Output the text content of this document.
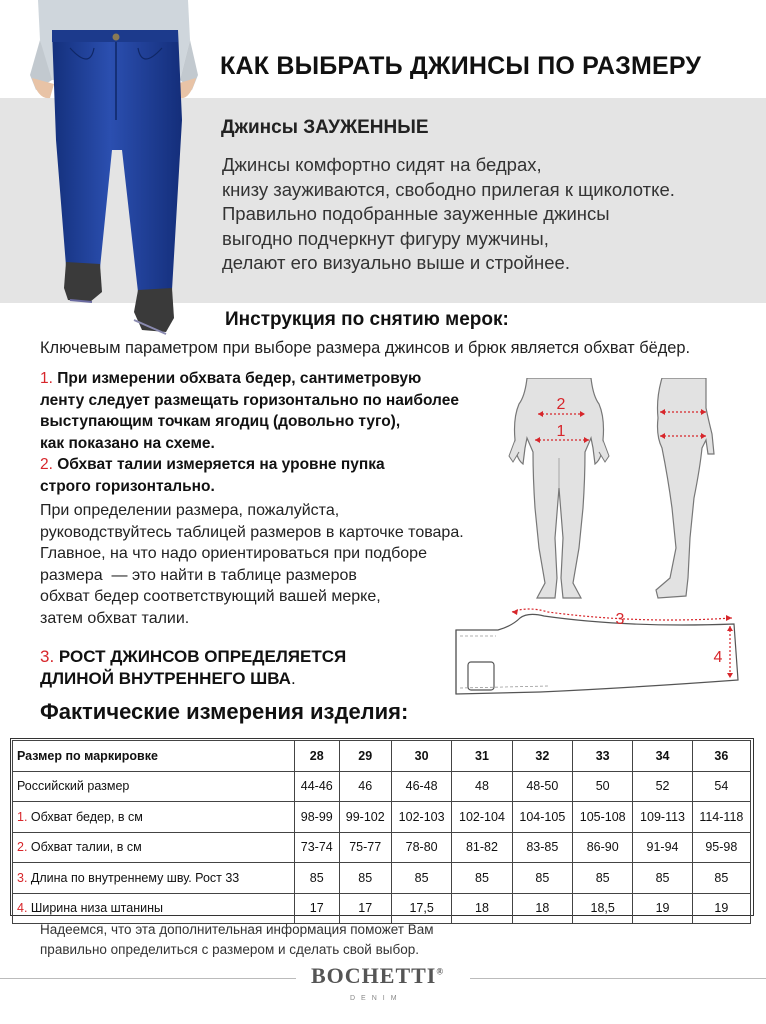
КАК ВЫБРАТЬ ДЖИНСЫ ПО РАЗМЕРУ
Джинсы ЗАУЖЕННЫЕ
Джинсы комфортно сидят на бедрах,
книзу зауживаются, свободно прилегая к щиколотке.
Правильно подобранные зауженные джинсы
выгодно подчеркнут фигуру мужчины,
делают его визуально выше и стройнее.
Инструкция по снятию мерок:
Ключевым параметром при выборе размера джинсов и брюк является обхват бёдер.
1. При измерении обхвата бедер, сантиметровую
ленту следует размещать горизонтально по наиболее
выступающим точкам ягодиц (довольно туго),
как показано на схеме.
2. Обхват талии измеряется на уровне пупка
строго горизонтально.
При определении размера, пожалуйста,
руководствуйтесь таблицей размеров в карточке товара.
Главное, на что надо ориентироваться при подборе
размера  — это найти в таблице размеров
обхват бедер соответствующий вашей мерке,
затем обхват талии.
3. РОСТ ДЖИНСОВ ОПРЕДЕЛЯЕТСЯ
ДЛИНОЙ ВНУТРЕННЕГО ШВА.
2
1
3
4
Фактические измерения изделия:
Размер по маркировке	28	29	30	31	32	33	34	36
Российский размер	44-46	46	46-48	48	48-50	50	52	54
1. Обхват бедер, в см	98-99	99-102	102-103	102-104	104-105	105-108	109-113	114-118
2. Обхват талии, в см	73-74	75-77	78-80	81-82	83-85	86-90	91-94	95-98
3. Длина по внутреннему шву. Рост 33	85	85	85	85	85	85	85	85
4. Ширина низа штанины	17	17	17,5	18	18	18,5	19	19
Надеемся, что эта дополнительная информация поможет Вам
правильно определиться с размером и сделать свой выбор.
BOCHETTI®
DENIM
